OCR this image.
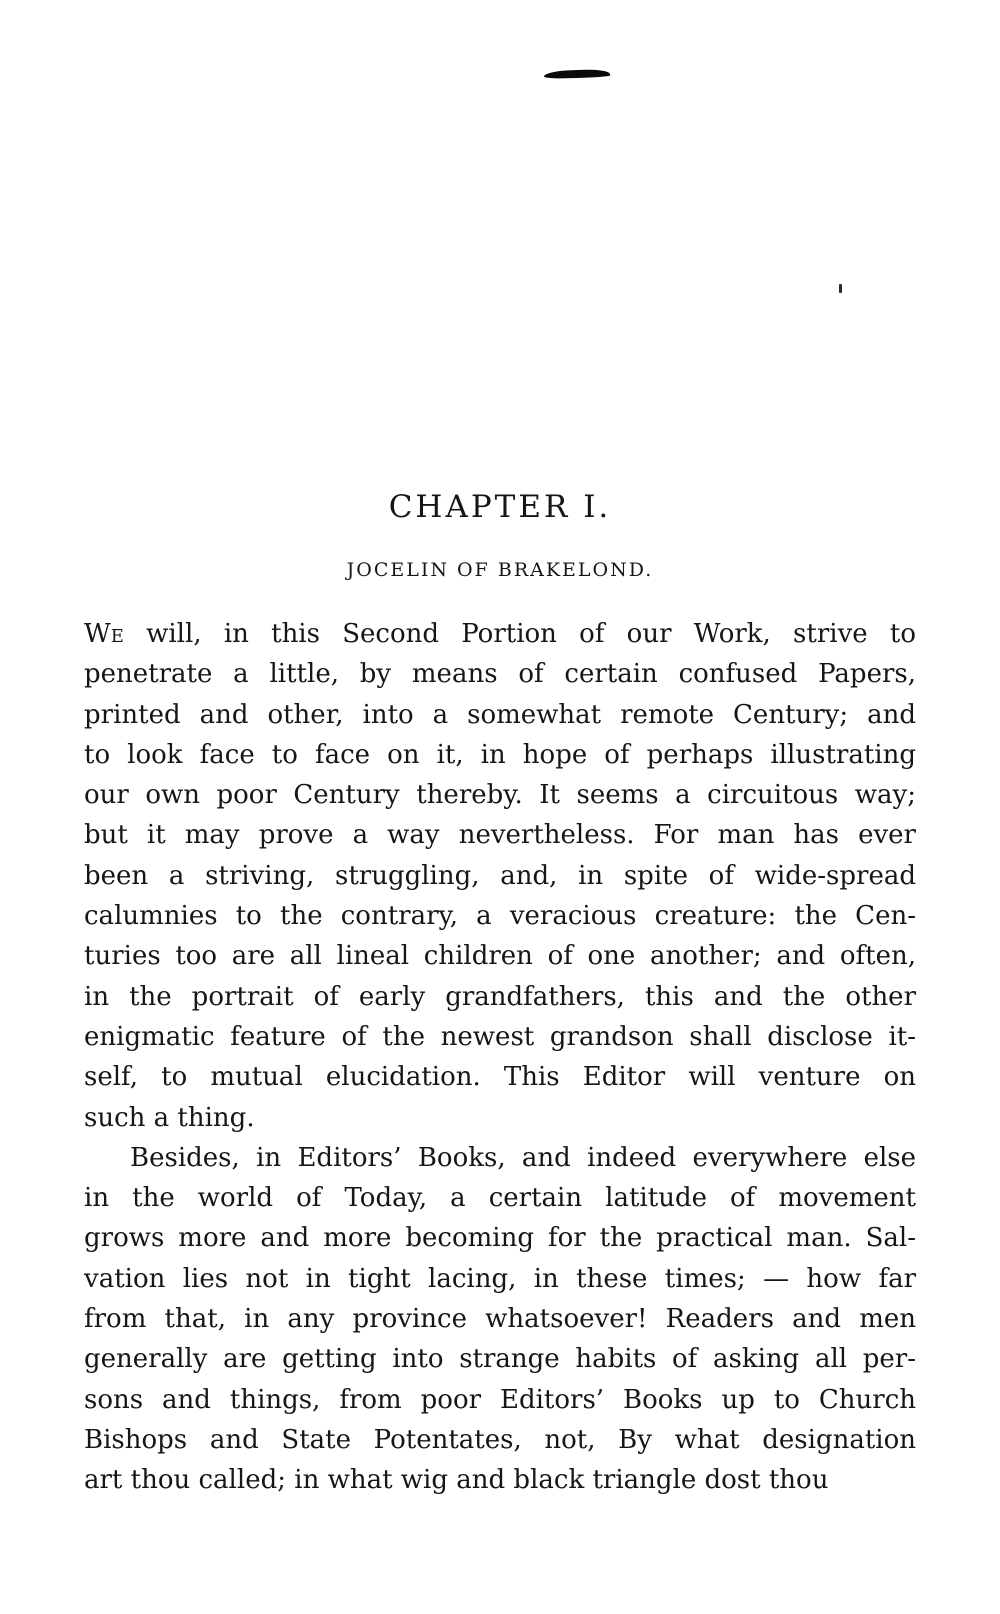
CHAPTER I.
JOCELIN OF BRAKELOND.

We will, in this Second Portion of our Work, strive to
penetrate a little, by means of certain confused Papers,
printed and other, into a somewhat remote Century; and
to look face to face on it, in hope of perhaps illustrating
our own poor Century thereby. It seems a circuitous way;
but it may prove a way nevertheless. For man has ever
been a striving, struggling, and, in spite of wide-spread
calumnies to the contrary, a veracious creature: the Cen-
turies too are all lineal children of one another; and often,
in the portrait of early grandfathers, this and the other
enigmatic feature of the newest grandson shall disclose it-
self, to mutual elucidation. This Editor will venture on
such a thing.

Besides, in Editors’ Books, and indeed everywhere else
in the world of Today, a certain latitude of movement
grows more and more becoming for the practical man. Sal-
vation lies not in tight lacing, in these times; — how far
from that, in any province whatsoever! Readers and men
generally are getting into strange habits of asking all per-
sons and things, from poor Editors’ Books up to Church
Bishops and State Potentates, not, By what designation
art thou called; in what wig and black triangle dost thou
